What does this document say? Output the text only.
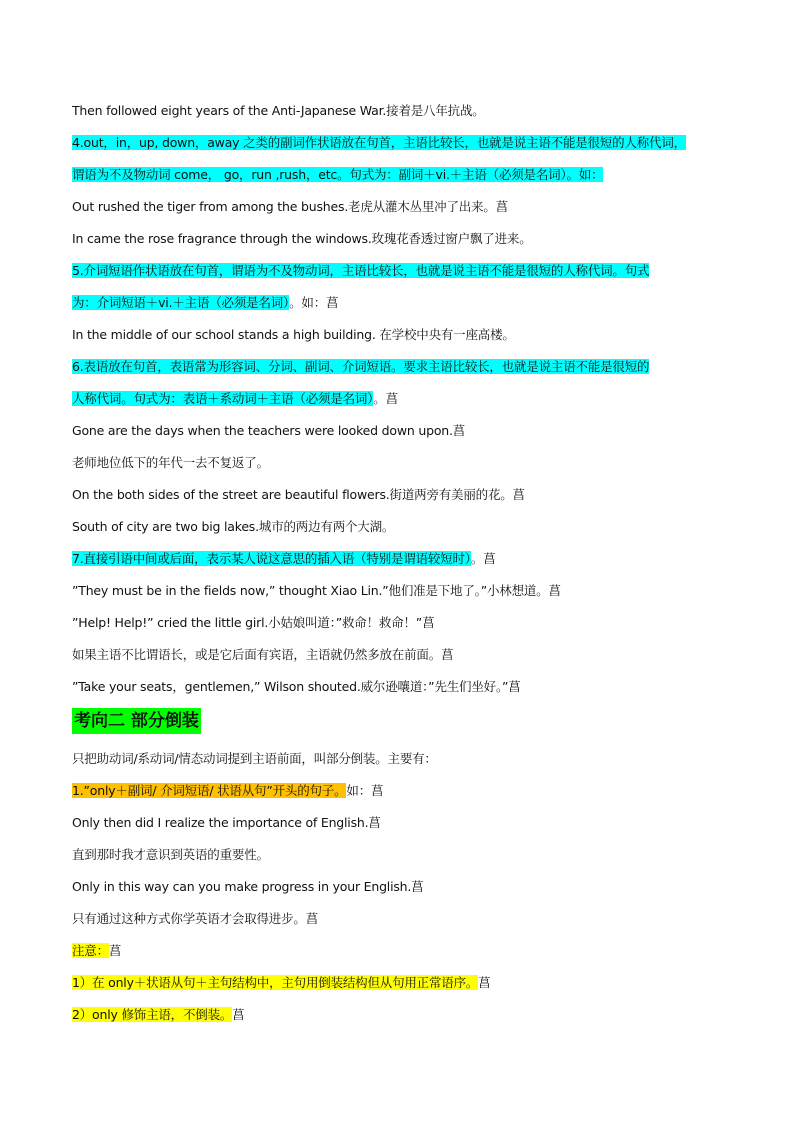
Then followed eight years of the Anti-Japanese War.接着是八年抗战。
4.out，in，up, down，away 之类的副词作状语放在句首，主语比较长，也就是说主语不能是很短的人称代词，
谓语为不及物动词 come， go，run ,rush，etc。句式为：副词＋vi.＋主语（必须是名词）。如：
Out rushed the tiger from among the bushes.老虎从灌木丛里冲了出来。菖
In came the rose fragrance through the windows.玫瑰花香透过窗户飘了进来。
5.介词短语作状语放在句首，谓语为不及物动词，主语比较长，也就是说主语不能是很短的人称代词。句式
为：介词短语＋vi.＋主语（必须是名词）。如：菖
In the middle of our school stands a high building. 在学校中央有一座高楼。
6.表语放在句首，表语常为形容词、分词、副词、介词短语。要求主语比较长，也就是说主语不能是很短的
人称代词。句式为：表语＋系动词＋主语（必须是名词）。菖
Gone are the days when the teachers were looked down upon.菖
老师地位低下的年代一去不复返了。
On the both sides of the street are beautiful flowers.街道两旁有美丽的花。菖
South of city are two big lakes.城市的两边有两个大湖。
7.直接引语中间或后面，表示某人说这意思的插入语（特别是谓语较短时）。菖
”They must be in the fields now,” thought Xiao Lin.”他们准是下地了。”小林想道。菖
”Help! Help!” cried the little girl.小姑娘叫道：”救命！救命！”菖
如果主语不比谓语长，或是它后面有宾语，主语就仍然多放在前面。菖
”Take your seats，gentlemen,” Wilson shouted.威尔逊嚷道：”先生们坐好。”菖
考向二 部分倒装
只把助动词/系动词/情态动词提到主语前面，叫部分倒装。主要有：
1.”only＋副词/ 介词短语/ 状语从句”开头的句子。如：菖
Only then did I realize the importance of English.菖
直到那时我才意识到英语的重要性。
Only in this way can you make progress in your English.菖
只有通过这种方式你学英语才会取得进步。菖
注意：菖
1）在 only＋状语从句＋主句结构中，主句用倒装结构但从句用正常语序。菖
2）only 修饰主语，不倒装。菖
